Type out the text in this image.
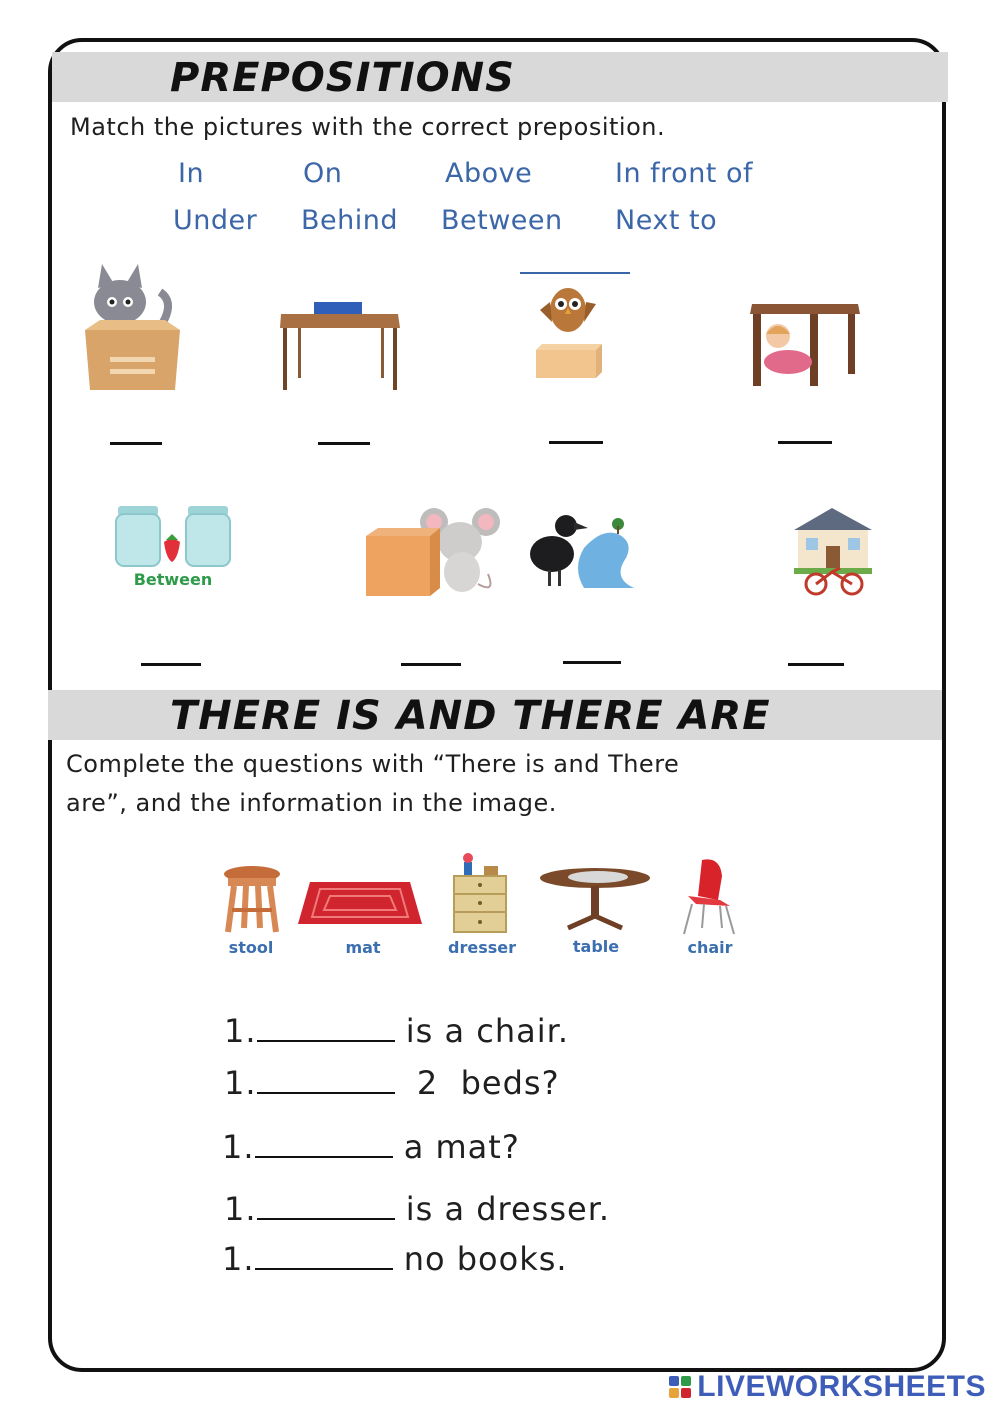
PREPOSITIONS
Match the pictures with the correct preposition.
In	On	Above	In front of
Under Behind Between Next to
Between
THERE IS AND THERE ARE
Complete the questions with “There is and There
are”, and the information in the image.
stool	mat	dresser	table	chair
1.	is a chair.
1.	2  beds?
1.	a mat?
1.	is a dresser.
1.	no books.
LIVEWORKSHEETS
